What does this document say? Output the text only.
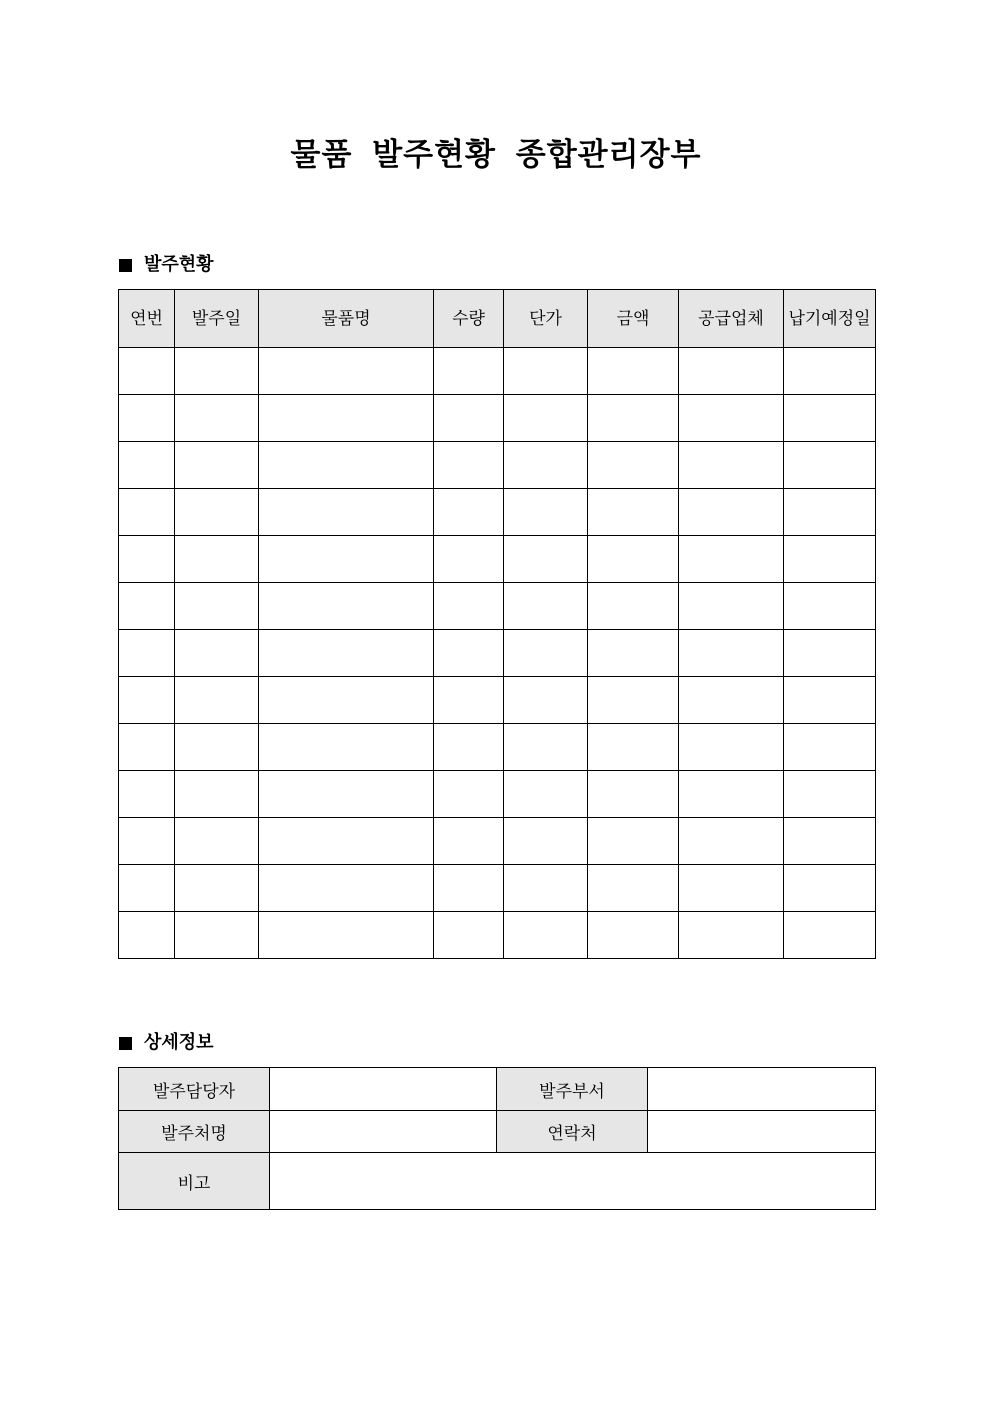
물품 발주현황 종합관리장부
발주현황
연번	발주일	물품명	수량	단가	금액	공급업체	납기예정일

상세정보
발주담당자		발주부서	
발주처명		연락처	
비고			
